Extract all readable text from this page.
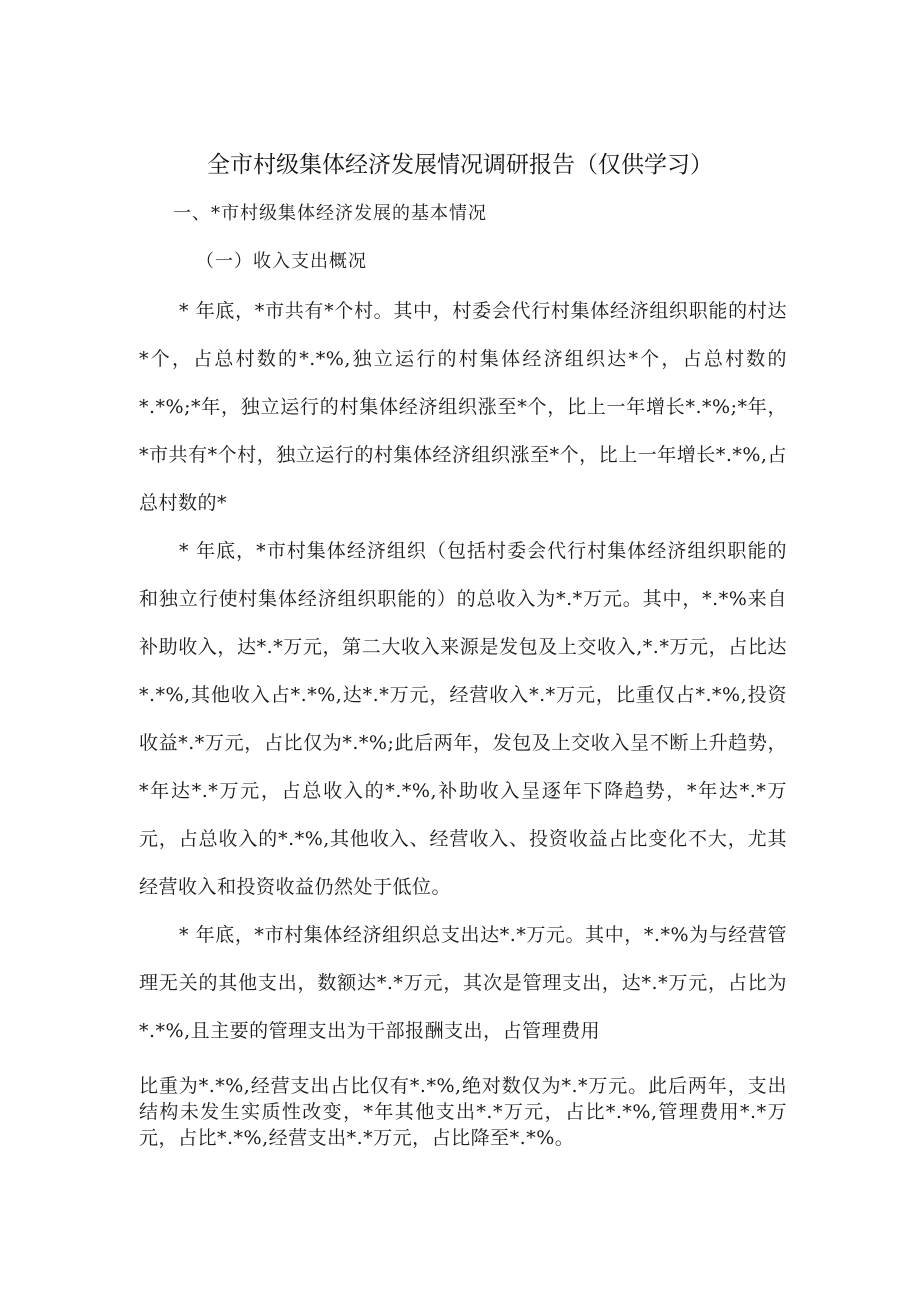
全市村级集体经济发展情况调研报告（仅供学习）
一、*市村级集体经济发展的基本情况
（一）收入支出概况

* 年底，*市共有*个村。其中，村委会代行村集体经济组织职能的村达*个，占总村数的*.*%,独立运行的村集体经济组织达*个，占总村数的*.*%;*年，独立运行的村集体经济组织涨至*个，比上一年增长*.*%;*年，*市共有*个村，独立运行的村集体经济组织涨至*个，比上一年增长*.*%,占总村数的*

* 年底，*市村集体经济组织（包括村委会代行村集体经济组织职能的和独立行使村集体经济组织职能的）的总收入为*.*万元。其中，*.*%来自补助收入，达*.*万元，第二大收入来源是发包及上交收入,*.*万元，占比达*.*%,其他收入占*.*%,达*.*万元，经营收入*.*万元，比重仅占*.*%,投资收益*.*万元，占比仅为*.*%;此后两年，发包及上交收入呈不断上升趋势，*年达*.*万元，占总收入的*.*%,补助收入呈逐年下降趋势，*年达*.*万元，占总收入的*.*%,其他收入、经营收入、投资收益占比变化不大，尤其经营收入和投资收益仍然处于低位。

* 年底，*市村集体经济组织总支出达*.*万元。其中，*.*%为与经营管理无关的其他支出，数额达*.*万元，其次是管理支出，达*.*万元，占比为*.*%,且主要的管理支出为干部报酬支出，占管理费用

比重为*.*%,经营支出占比仅有*.*%,绝对数仅为*.*万元。此后两年，支出结构未发生实质性改变，*年其他支出*.*万元，占比*.*%,管理费用*.*万元，占比*.*%,经营支出*.*万元，占比降至*.*%。
